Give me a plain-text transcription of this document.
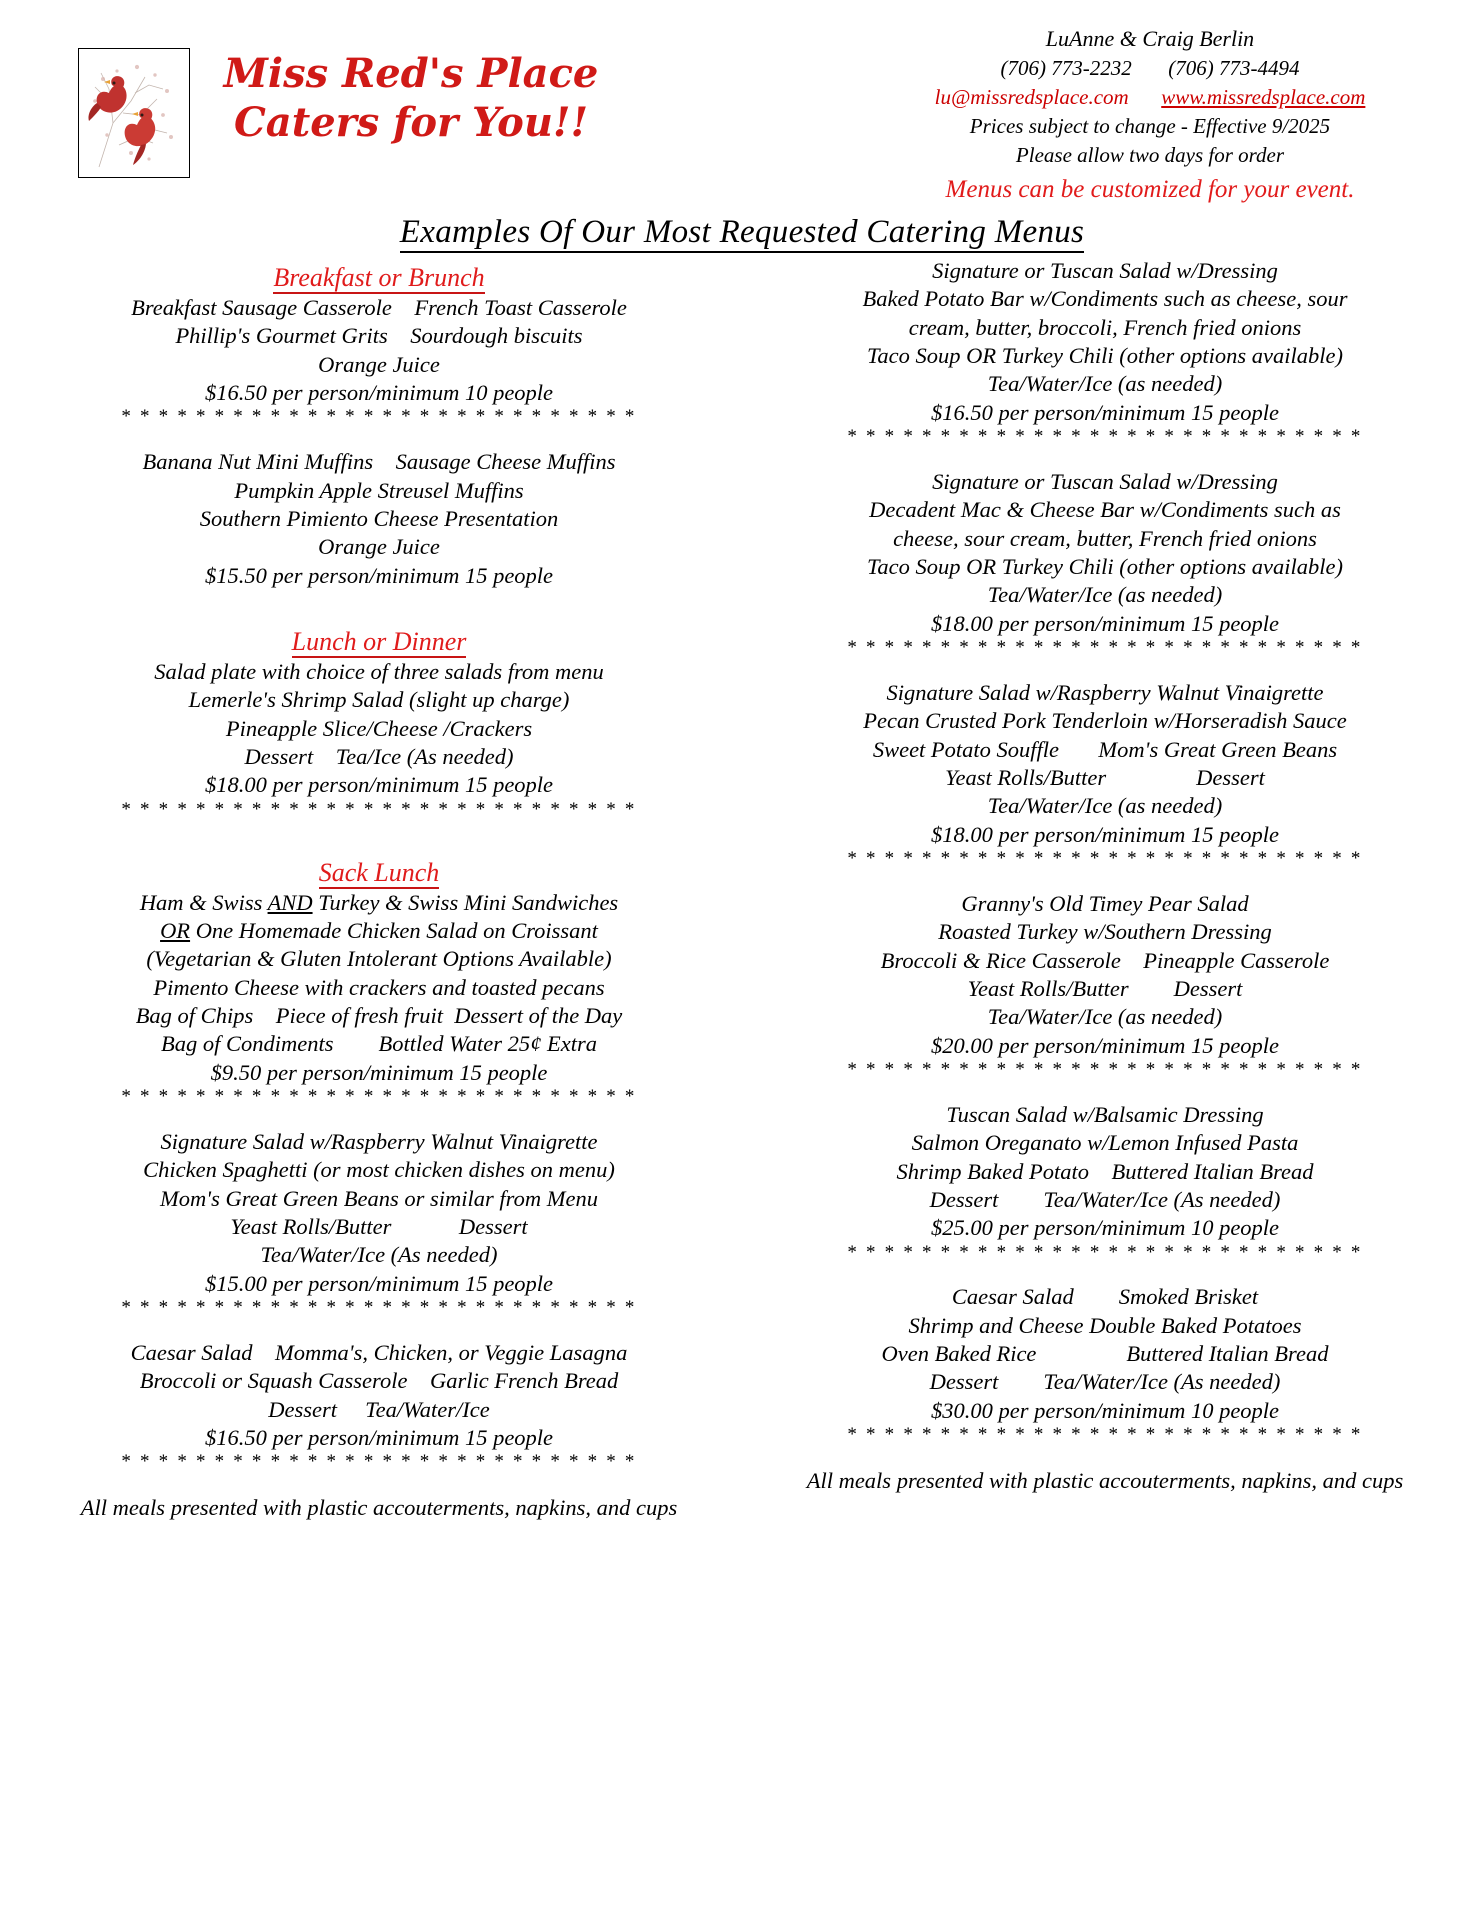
Miss Red's Place
Caters for You!!
LuAnne & Craig Berlin
(706) 773-2232 (706) 773-4494
lu@missredsplace.com www.missredsplace.com
Prices subject to change - Effective 9/2025
Please allow two days for order
Menus can be customized for your event.
Examples Of Our Most Requested Catering Menus
Breakfast or Brunch
Breakfast Sausage Casserole    French Toast Casserole
Phillip's Gourmet Grits    Sourdough biscuits
Orange Juice
$16.50 per person/minimum 10 people
* * * * * * * * * * * * * * * * * * * * * * * * * * * *
Banana Nut Mini Muffins    Sausage Cheese Muffins
Pumpkin Apple Streusel Muffins
Southern Pimiento Cheese Presentation
Orange Juice
$15.50 per person/minimum 15 people
Lunch or Dinner
Salad plate with choice of three salads from menu
Lemerle's Shrimp Salad (slight up charge)
Pineapple Slice/Cheese /Crackers
Dessert    Tea/Ice (As needed)
$18.00 per person/minimum 15 people
* * * * * * * * * * * * * * * * * * * * * * * * * * * *
Sack Lunch
Ham & Swiss AND Turkey & Swiss Mini Sandwiches
OR One Homemade Chicken Salad on Croissant
(Vegetarian & Gluten Intolerant Options Available)
Pimento Cheese with crackers and toasted pecans
Bag of Chips    Piece of fresh fruit  Dessert of the Day
Bag of Condiments        Bottled Water 25¢ Extra
$9.50 per person/minimum 15 people
* * * * * * * * * * * * * * * * * * * * * * * * * * * *
Signature Salad w/Raspberry Walnut Vinaigrette
Chicken Spaghetti (or most chicken dishes on menu)
Mom's Great Green Beans or similar from Menu
Yeast Rolls/Butter            Dessert
Tea/Water/Ice (As needed)
$15.00 per person/minimum 15 people
* * * * * * * * * * * * * * * * * * * * * * * * * * * *
Caesar Salad    Momma's, Chicken, or Veggie Lasagna
Broccoli or Squash Casserole    Garlic French Bread
Dessert     Tea/Water/Ice
$16.50 per person/minimum 15 people
* * * * * * * * * * * * * * * * * * * * * * * * * * * *
All meals presented with plastic accouterments, napkins, and cups
Signature or Tuscan Salad w/Dressing
Baked Potato Bar w/Condiments such as cheese, sour
cream, butter, broccoli, French fried onions
Taco Soup OR Turkey Chili (other options available)
Tea/Water/Ice (as needed)
$16.50 per person/minimum 15 people
* * * * * * * * * * * * * * * * * * * * * * * * * * * *
Signature or Tuscan Salad w/Dressing
Decadent Mac & Cheese Bar w/Condiments such as
cheese, sour cream, butter, French fried onions
Taco Soup OR Turkey Chili (other options available)
Tea/Water/Ice (as needed)
$18.00 per person/minimum 15 people
* * * * * * * * * * * * * * * * * * * * * * * * * * * *
Signature Salad w/Raspberry Walnut Vinaigrette
Pecan Crusted Pork Tenderloin w/Horseradish Sauce
Sweet Potato Souffle       Mom's Great Green Beans
Yeast Rolls/Butter                Dessert
Tea/Water/Ice (as needed)
$18.00 per person/minimum 15 people
* * * * * * * * * * * * * * * * * * * * * * * * * * * *
Granny's Old Timey Pear Salad
Roasted Turkey w/Southern Dressing
Broccoli & Rice Casserole    Pineapple Casserole
Yeast Rolls/Butter        Dessert
Tea/Water/Ice (as needed)
$20.00 per person/minimum 15 people
* * * * * * * * * * * * * * * * * * * * * * * * * * * *
Tuscan Salad w/Balsamic Dressing
Salmon Oreganato w/Lemon Infused Pasta
Shrimp Baked Potato    Buttered Italian Bread
Dessert        Tea/Water/Ice (As needed)
$25.00 per person/minimum 10 people
* * * * * * * * * * * * * * * * * * * * * * * * * * * *
Caesar Salad        Smoked Brisket
Shrimp and Cheese Double Baked Potatoes
Oven Baked Rice                Buttered Italian Bread
Dessert        Tea/Water/Ice (As needed)
$30.00 per person/minimum 10 people
* * * * * * * * * * * * * * * * * * * * * * * * * * * *
All meals presented with plastic accouterments, napkins, and cups
